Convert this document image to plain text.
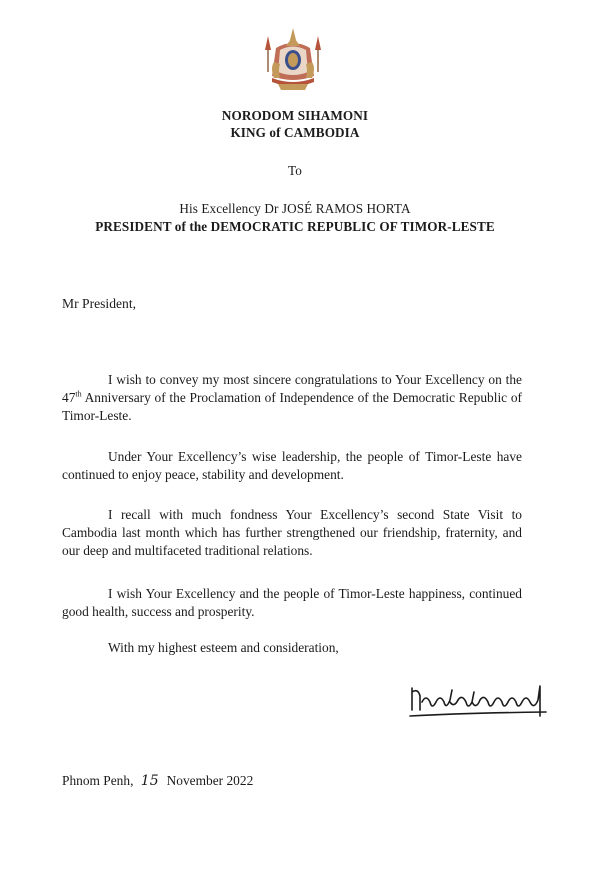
NORODOM SIHAMONI
KING of CAMBODIA
To
His Excellency Dr JOSÉ RAMOS HORTA
PRESIDENT of the DEMOCRATIC REPUBLIC OF TIMOR-LESTE
Mr President,
I wish to convey my most sincere congratulations to Your Excellency on the 47th Anniversary of the Proclamation of Independence of the Democratic Republic of Timor-Leste.
Under Your Excellency’s wise leadership, the people of Timor-Leste have continued to enjoy peace, stability and development.
I recall with much fondness Your Excellency’s second State Visit to Cambodia last month which has further strengthened our friendship, fraternity, and our deep and multifaceted traditional relations.
I wish Your Excellency and the people of Timor-Leste happiness, continued good health, success and prosperity.
With my highest esteem and consideration,
Phnom Penh, 15 November 2022
